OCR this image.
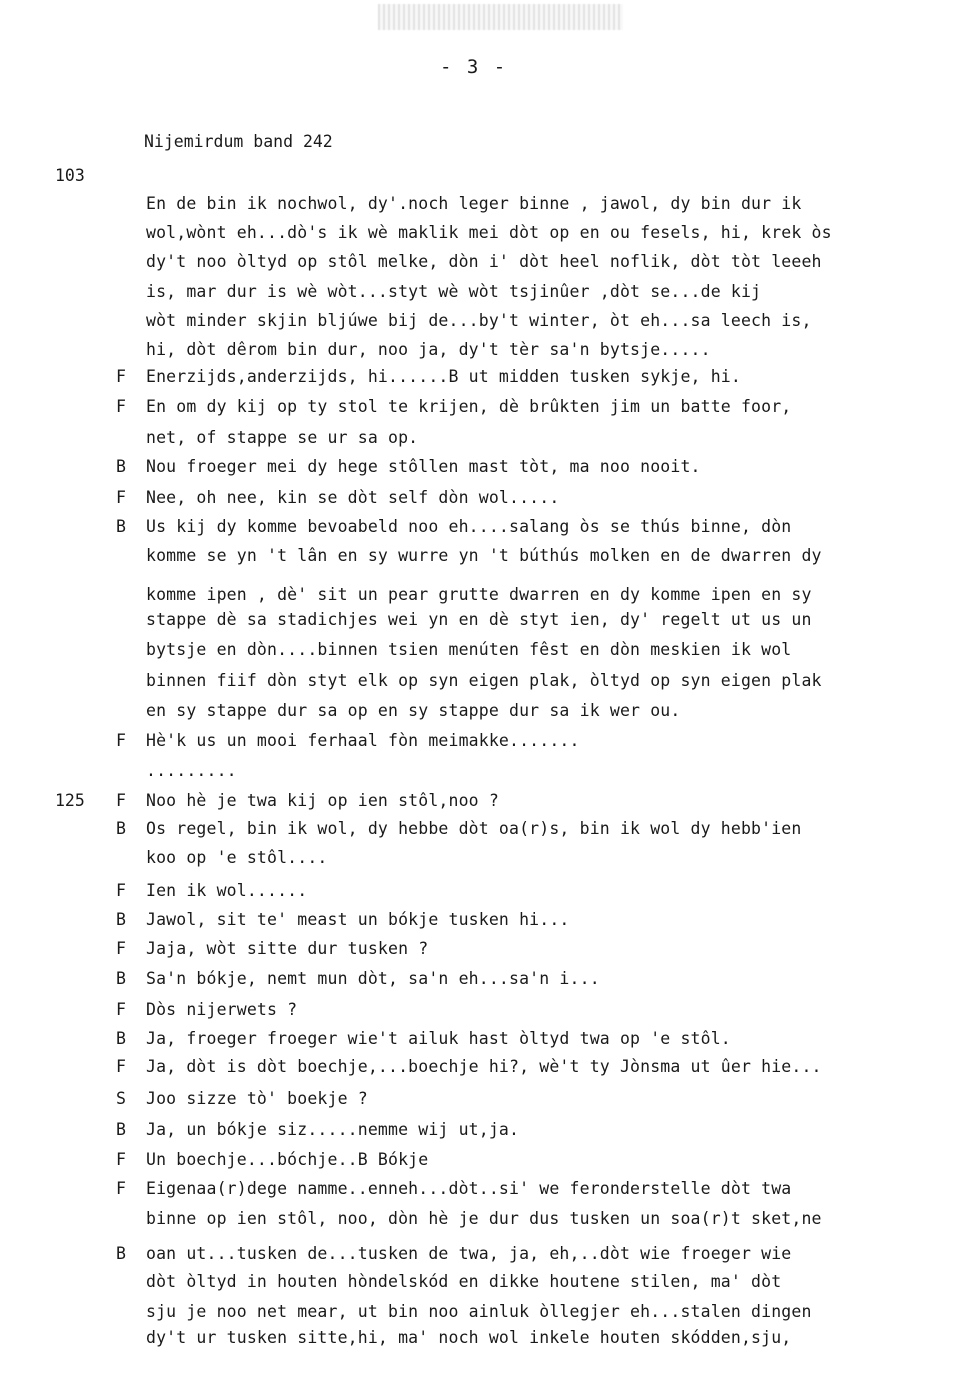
- 3 -
Nijemirdum band 242
103
En de bin ik nochwol, dy'.noch leger binne , jawol, dy bin dur ik
wol,wònt eh...dò's ik wè maklik mei dòt op en ou fesels, hi, krek òs
dy't noo òltyd op stôl melke, dòn i' dòt heel noflik, dòt tòt leeeh
is, mar dur is wè wòt...styt wè wòt tsjinûer ,dòt se...de kij
wòt minder skjin bljúwe bij de...by't winter, òt eh...sa leech is,
hi, dòt dêrom bin dur, noo ja, dy't tèr sa'n bytsje.....
F Enerzijds,anderzijds, hi......B ut midden tusken sykje, hi.
F En om dy kij op ty stol te krijen, dè brûkten jim un batte foor,
net, of stappe se ur sa op.
B Nou froeger mei dy hege stôllen mast tòt, ma noo nooit.
F Nee, oh nee, kin se dòt self dòn wol.....
B Us kij dy komme bevoabeld noo eh....salang òs se thús binne, dòn
komme se yn 't lân en sy wurre yn 't búthús molken en de dwarren dy
komme ipen , dè' sit un pear grutte dwarren en dy komme ipen en sy
stappe dè sa stadichjes wei yn en dè styt ien, dy' regelt ut us un
bytsje en dòn....binnen tsien menúten fêst en dòn meskien ik wol
binnen fiif dòn styt elk op syn eigen plak, òltyd op syn eigen plak
en sy stappe dur sa op en sy stappe dur sa ik wer ou.
F Hè'k us un mooi ferhaal fòn meimakke.......
.........
125 F Noo hè je twa kij op ien stôl,noo ?
B Os regel, bin ik wol, dy hebbe dòt oa(r)s, bin ik wol dy hebb'ien
koo op 'e stôl....
F Ien ik wol......
B Jawol, sit te' meast un bókje tusken hi...
F Jaja, wòt sitte dur tusken ?
B Sa'n bókje, nemt mun dòt, sa'n eh...sa'n i...
F Dòs nijerwets ?
B Ja, froeger froeger wie't ailuk hast òltyd twa op 'e stôl.
F Ja, dòt is dòt boechje,...boechje hi?, wè't ty Jònsma ut ûer hie...
S Joo sizze tò' boekje ?
B Ja, un bókje siz.....nemme wij ut,ja.
F Un boechje...bóchje..B Bókje
F Eigenaa(r)dege namme..enneh...dòt..si' we feronderstelle dòt twa
binne op ien stôl, noo, dòn hè je dur dus tusken un soa(r)t sket,ne
B oan ut...tusken de...tusken de twa, ja, eh,..dòt wie froeger wie
dòt òltyd in houten hòndelskód en dikke houtene stilen, ma' dòt
sju je noo net mear, ut bin noo ainluk òllegjer eh...stalen dingen
dy't ur tusken sitte,hi, ma' noch wol inkele houten skódden,sju,
